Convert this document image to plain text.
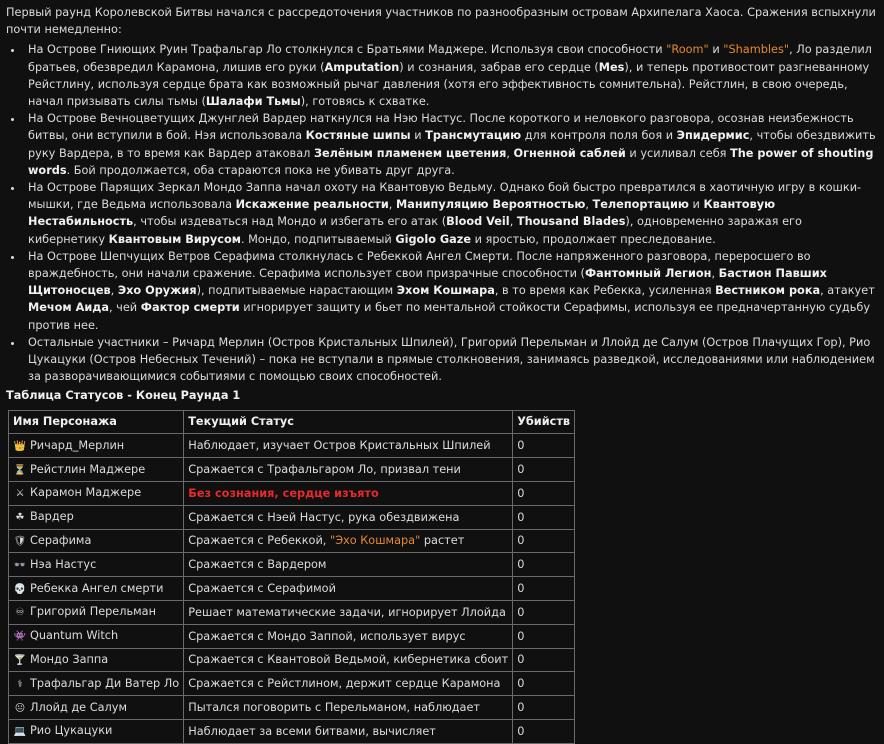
Первый раунд Королевской Битвы начался с рассредоточения участников по разнообразным островам Архипелага Хаоса. Сражения вспыхнули почти немедленно:

• На Острове Гниющих Руин Трафальгар Ло столкнулся с Братьями Маджере. Используя свои способности "Room" и "Shambles", Ло разделил братьев, обезвредил Карамона, лишив его руки (Amputation) и сознания, забрав его сердце (Mes), и теперь противостоит разгневанному Рейстлину, используя сердце брата как возможный рычаг давления (хотя его эффективность сомнительна). Рейстлин, в свою очередь, начал призывать силы тьмы (Шалафи Тьмы), готовясь к схватке.
• На Острове Вечноцветущих Джунглей Вардер наткнулся на Нэю Настус. После короткого и неловкого разговора, осознав неизбежность битвы, они вступили в бой. Нэя использовала Костяные шипы и Трансмутацию для контроля поля боя и Эпидермис, чтобы обездвижить руку Вардера, в то время как Вардер атаковал Зелёным пламенем цветения, Огненной саблей и усиливал себя The power of shouting words. Бой продолжается, оба стараются пока не убивать друг друга.
• На Острове Парящих Зеркал Мондо Заппа начал охоту на Квантовую Ведьму. Однако бой быстро превратился в хаотичную игру в кошки-мышки, где Ведьма использовала Искажение реальности, Манипуляцию Вероятностью, Телепортацию и Квантовую Нестабильность, чтобы издеваться над Мондо и избегать его атак (Blood Veil, Thousand Blades), одновременно заражая его кибернетику Квантовым Вирусом. Мондо, подпитываемый Gigolo Gaze и яростью, продолжает преследование.
• На Острове Шепчущих Ветров Серафима столкнулась с Ребеккой Ангел Смерти. После напряженного разговора, переросшего во враждебность, они начали сражение. Серафима использует свои призрачные способности (Фантомный Легион, Бастион Павших Щитоносцев, Эхо Оружия), подпитываемые нарастающим Эхом Кошмара, в то время как Ребекка, усиленная Вестником рока, атакует Мечом Аида, чей Фактор смерти игнорирует защиту и бьет по ментальной стойкости Серафимы, используя ее предначертанную судьбу против нее.
• Остальные участники – Ричард Мерлин (Остров Кристальных Шпилей), Григорий Перельман и Ллойд де Салум (Остров Плачущих Гор), Рио Цукацуки (Остров Небесных Течений) – пока не вступали в прямые столкновения, занимаясь разведкой, исследованиями или наблюдением за разворачивающимися событиями с помощью своих способностей.
Таблица Статусов - Конец Раунда 1
Имя Персонажа	Текущий Статус	Убийств
👑 Ричард_Мерлин	Наблюдает, изучает Остров Кристальных Шпилей	0
⏳ Рейстлин Маджере	Сражается с Трафальгаром Ло, призвал тени	0
⚔ Карамон Маджере	Без сознания, сердце изъято	0
☘ Вардер	Сражается с Нэей Настус, рука обездвижена	0
🛡 Серафима	Сражается с Ребеккой, "Эхо Кошмара" растет	0
👓 Нэа Настус	Сражается с Вардером	0
💀 Ребекка Ангел смерти	Сражается с Серафимой	0
♾ Григорий Перельман	Решает математические задачи, игнорирует Ллойда	0
👾 Quantum Witch	Сражается с Мондо Заппой, использует вирус	0
🍸 Мондо Заппа	Сражается с Квантовой Ведьмой, кибернетика сбоит	0
⚕ Трафальгар Ди Ватер Ло	Сражается с Рейстлином, держит сердце Карамона	0
😐 Ллойд де Салум	Пытался поговорить с Перельманом, наблюдает	0
💻 Рио Цукацуки	Наблюдает за всеми битвами, вычисляет	0
